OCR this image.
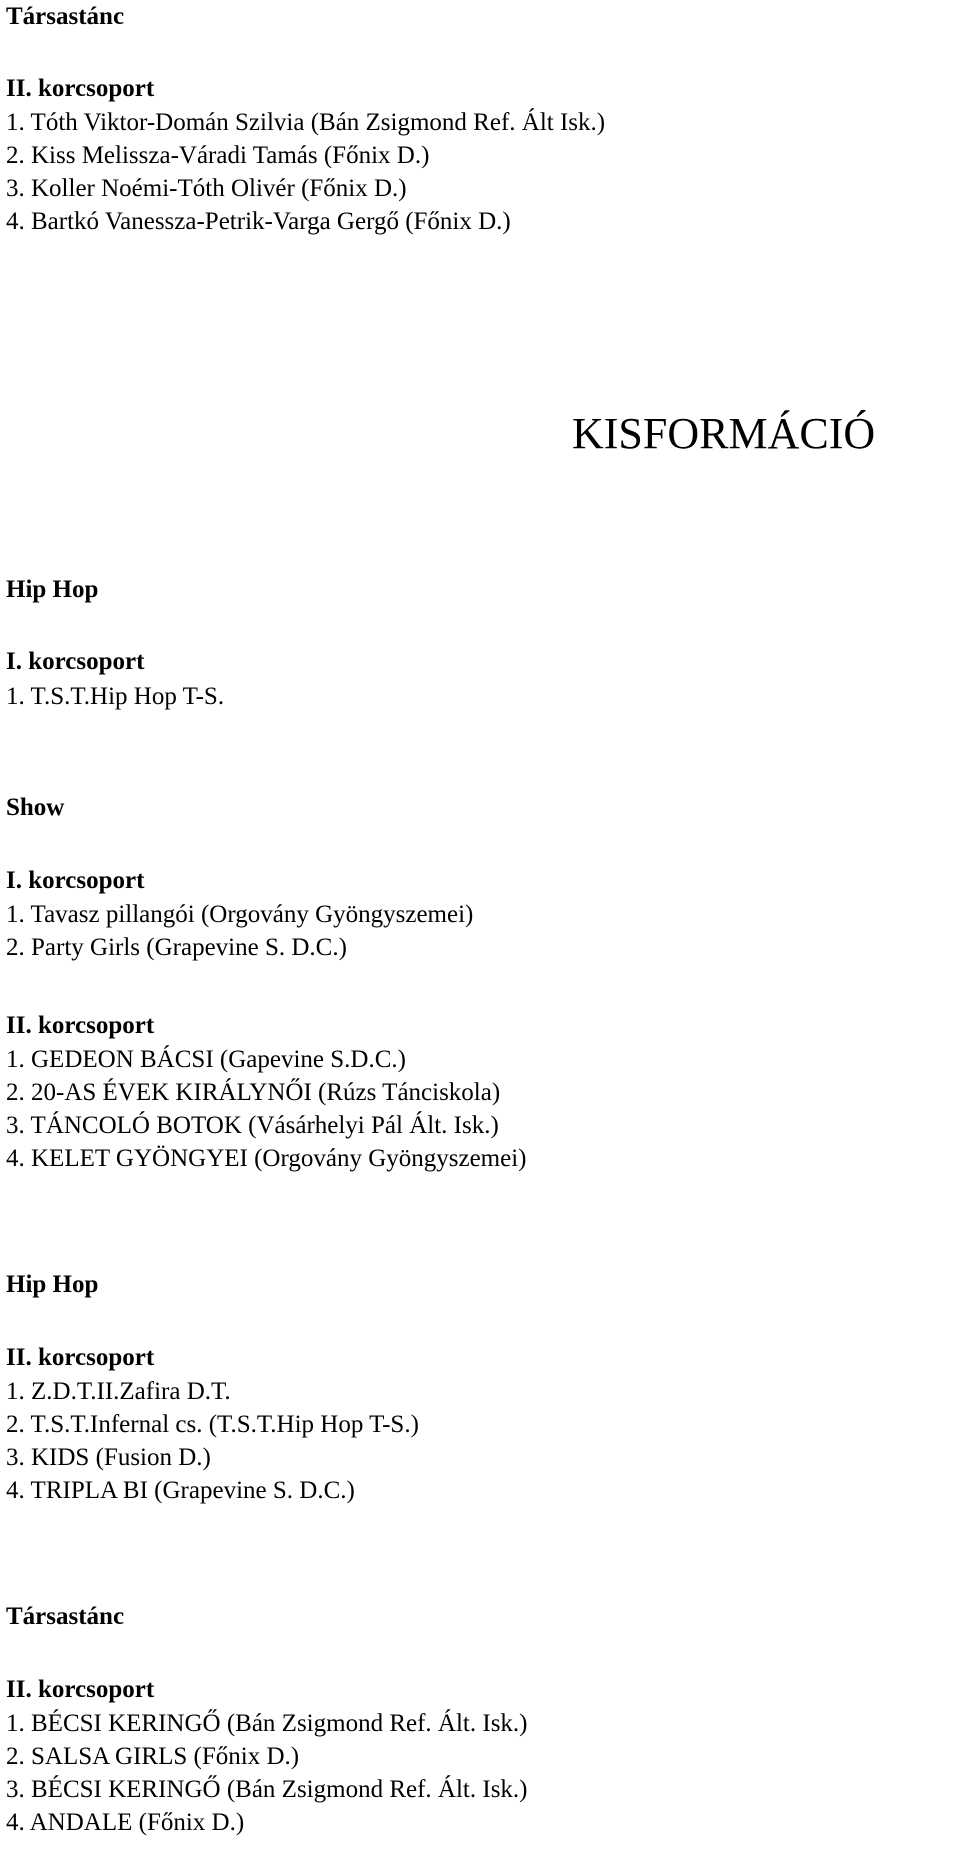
Társastánc
II. korcsoport
1. Tóth Viktor-Domán Szilvia (Bán Zsigmond Ref. Ált Isk.)
2. Kiss Melissza-Váradi Tamás (Főnix D.)
3. Koller Noémi-Tóth Olivér (Főnix D.)
4. Bartkó Vanessza-Petrik-Varga Gergő (Főnix D.)
KISFORMÁCIÓ
Hip Hop
I. korcsoport
1. T.S.T.Hip Hop T-S.
Show
I. korcsoport
1. Tavasz pillangói (Orgovány Gyöngyszemei)
2. Party Girls (Grapevine S. D.C.)
II. korcsoport
1. GEDEON BÁCSI (Gapevine S.D.C.)
2. 20-AS ÉVEK KIRÁLYNŐI (Rúzs Tánciskola)
3. TÁNCOLÓ BOTOK (Vásárhelyi Pál Ált. Isk.)
4. KELET GYÖNGYEI (Orgovány Gyöngyszemei)
Hip Hop
II. korcsoport
1. Z.D.T.II.Zafira D.T.
2. T.S.T.Infernal cs. (T.S.T.Hip Hop T-S.)
3. KIDS (Fusion D.)
4. TRIPLA BI (Grapevine S. D.C.)
Társastánc
II. korcsoport
1. BÉCSI KERINGŐ (Bán Zsigmond Ref. Ált. Isk.)
2. SALSA GIRLS (Főnix D.)
3. BÉCSI KERINGŐ (Bán Zsigmond Ref. Ált. Isk.)
4. ANDALE (Főnix D.)
